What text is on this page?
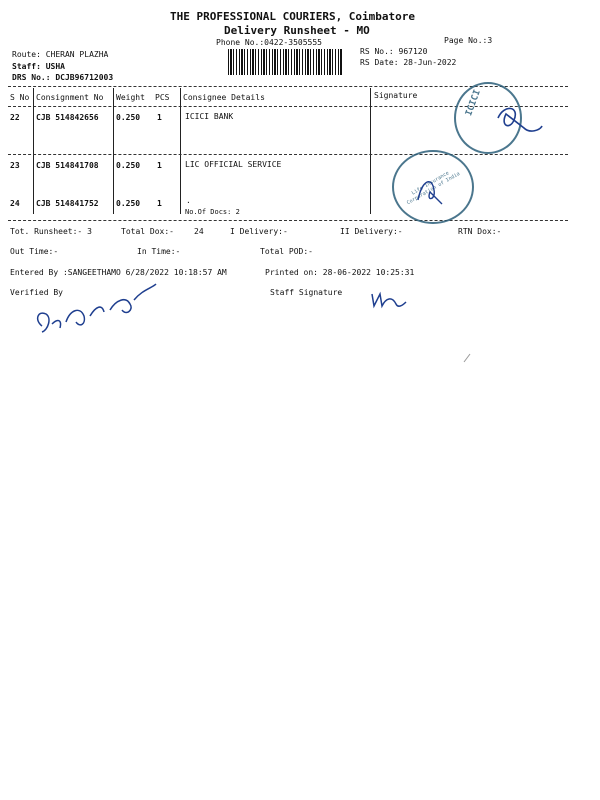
THE PROFESSIONAL COURIERS, Coimbatore
Delivery Runsheet - MO
Phone No.:0422-3505555	Page No.:3
Route: CHERAN PLAZHA
Staff: USHA
DRS No.: DCJB96712003
RS No.: 967120
RS Date: 28-Jun-2022
S No Consignment No Weight PCS Consignee Details	Signature
22 CJB 514842656 0.250 1	ICICI BANK
23 CJB 514841708 0.250 1	LIC OFFICIAL SERVICE
24 CJB 514841752 0.250 1	.
No.Of Docs: 2
Tot. Runsheet:- 3	Total Dox:-	24	I Delivery:-	II Delivery:-	RTN Dox:-
Out Time:-	In Time:-	Total POD:-
Entered By :SANGEETHAMO 6/28/2022 10:18:57 AM	Printed on: 28-06-2022 10:25:31
Verified By	Staff Signature
ICICI
Life Insurance Corporation of India
